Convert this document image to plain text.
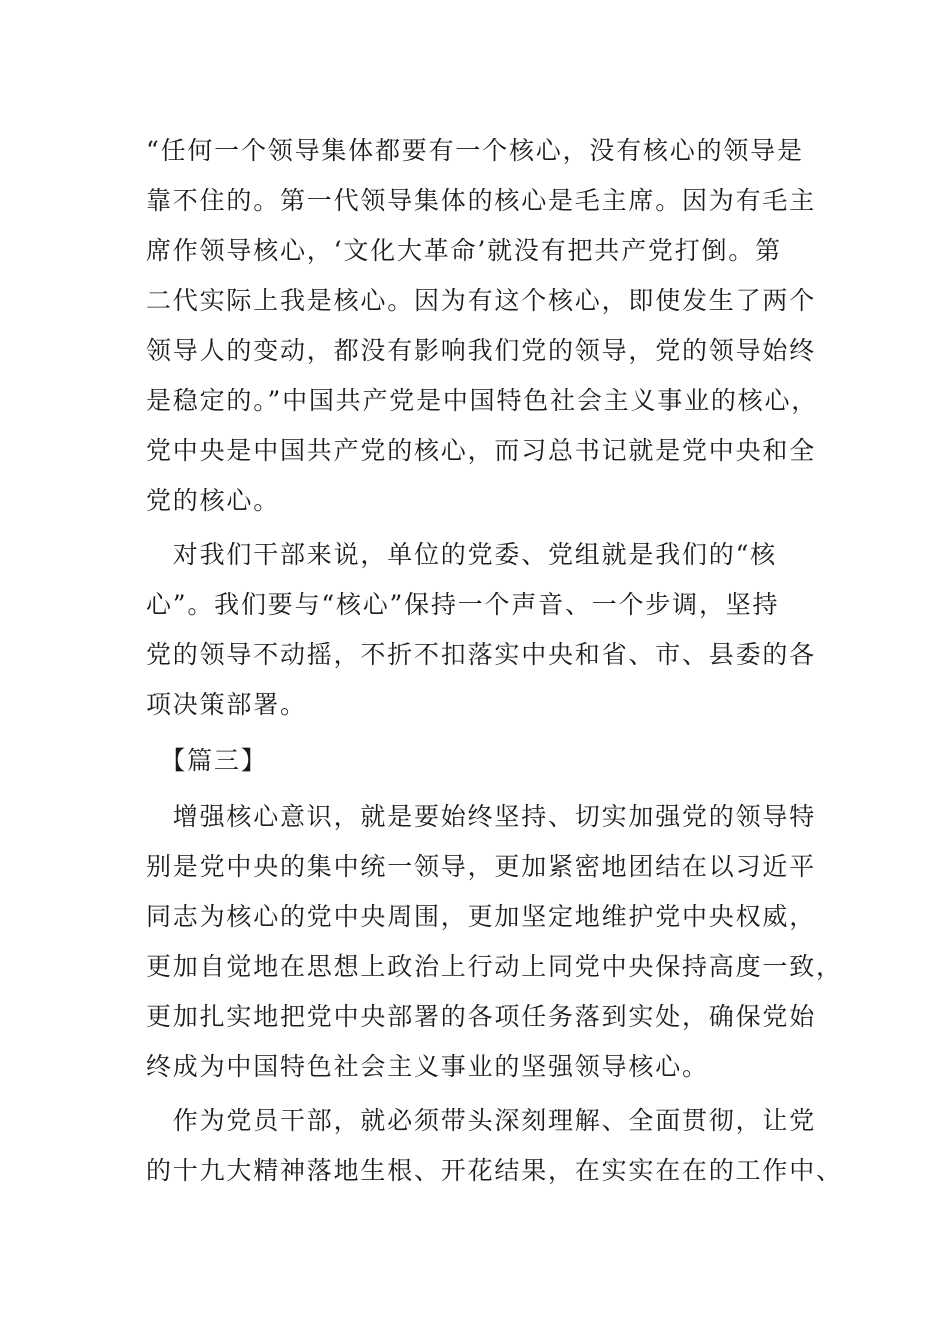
“任何一个领导集体都要有一个核心，没有核心的领导是
靠不住的。第一代领导集体的核心是毛主席。因为有毛主
席作领导核心，‘文化大革命’就没有把共产党打倒。第
二代实际上我是核心。因为有这个核心，即使发生了两个
领导人的变动，都没有影响我们党的领导，党的领导始终
是稳定的。”中国共产党是中国特色社会主义事业的核心，
党中央是中国共产党的核心，而习总书记就是党中央和全
党的核心。
　对我们干部来说，单位的党委、党组就是我们的“核
心”。我们要与“核心”保持一个声音、一个步调，坚持
党的领导不动摇，不折不扣落实中央和省、市、县委的各
项决策部署。
　【篇三】
　增强核心意识，就是要始终坚持、切实加强党的领导特
别是党中央的集中统一领导，更加紧密地团结在以习近平
同志为核心的党中央周围，更加坚定地维护党中央权威，
更加自觉地在思想上政治上行动上同党中央保持高度一致，
更加扎实地把党中央部署的各项任务落到实处，确保党始
终成为中国特色社会主义事业的坚强领导核心。
　作为党员干部，就必须带头深刻理解、全面贯彻，让党
的十九大精神落地生根、开花结果，在实实在在的工作中、
